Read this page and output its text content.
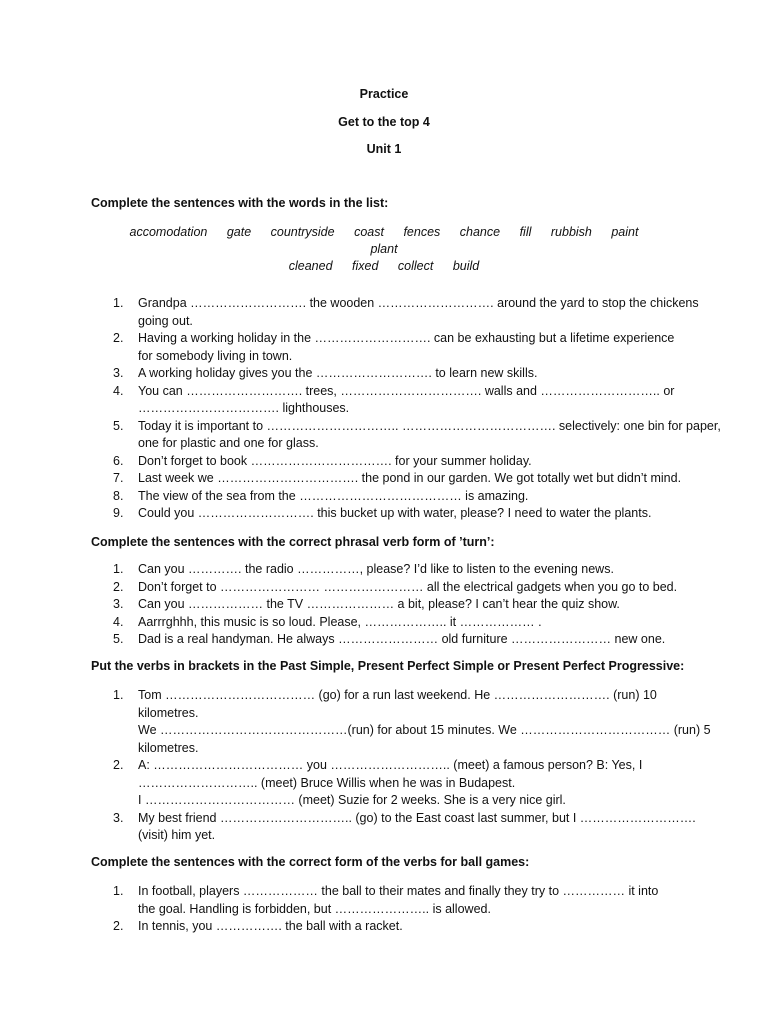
Practice
Get to the top 4
Unit 1
Complete the sentences with the words in the list:
accomodation gate countryside coast fences chance fill rubbish paint plant
cleaned fixed collect build
1.	Grandpa ………………………. the wooden ………………………. around the yard to stop the chickens
going out.
2.	Having a working holiday in the ………………………. can be exhausting but a lifetime experience
for somebody living in town.
3.	A working holiday gives you the ………………………. to learn new skills.
4.	You can ………………………. trees, ……………………………. walls and ……………………….. or
……………………………. lighthouses.
5.	Today it is important to ………………………….. ………………………………. selectively: one bin for paper,
one for plastic and one for glass.
6.	Don’t forget to book ……………………………. for your summer holiday.
7.	Last week we ……………………………. the pond in our garden. We got totally wet but didn’t mind.
8.	The view of the sea from the ………………………………… is amazing.
9.	Could you ………………………. this bucket up with water, please? I need to water the plants.
Complete the sentences with the correct phrasal verb form of ’turn’:
1.	Can you …………. the radio ……………, please? I’d like to listen to the evening news.
2.	Don’t forget to …………………… …………………… all the electrical gadgets when you go to bed.
3.	Can you ……………… the TV ………………… a bit, please? I can’t hear the quiz show.
4.	Aarrrghhh, this music is so loud. Please, ……………….. it ……………… .
5.	Dad is a real handyman. He always …………………… old furniture …………………… new one.
Put the verbs in brackets in the Past Simple, Present Perfect Simple or Present Perfect Progressive:
1.	Tom ……………………………… (go) for a run last weekend. He ………………………. (run) 10
kilometres.
We ………………………………………(run) for about 15 minutes. We ……………………………… (run) 5
kilometres.
2.	A: ……………………………… you ……………………….. (meet) a famous person? B: Yes, I
……………………….. (meet) Bruce Willis when he was in Budapest.
I ……………………………… (meet) Suzie for 2 weeks. She is a very nice girl.
3.	My best friend ………………………….. (go) to the East coast last summer, but I ……………………….
(visit) him yet.
Complete the sentences with the correct form of the verbs for ball games:
1.	In football, players ……………… the ball to their mates and finally they try to …………… it into
the goal. Handling is forbidden, but ………………….. is allowed.
2.	In tennis, you ……………. the ball with a racket.
